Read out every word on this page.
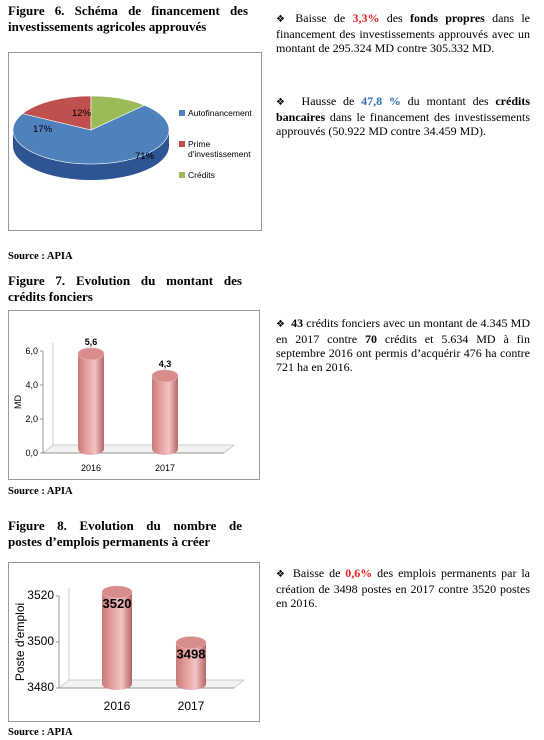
Figure 6. Schéma de financement des
investissements agricoles approuvés
71%
17%
12%	Autofinancement
Prime
d'investissement
Crédits
Source : APIA
❖ Baisse de 3,3% des fonds propres dans le financement des investissements approuvés avec un montant de 295.324 MD contre 305.332 MD.
❖ Hausse de 47,8 % du montant des crédits bancaires dans le financement des investissements approuvés (50.922 MD contre 34.459 MD).
Figure 7. Evolution du montant des
crédits fonciers
0,0
2,0
4,0
6,0
MD
5,6
2016
4,3
2017
Source : APIA
❖ 43 crédits fonciers avec un montant de 4.345 MD en 2017 contre 70 crédits et 5.634 MD à fin septembre 2016 ont permis d’acquérir 476 ha contre 721 ha en 2016.
Figure 8. Evolution du nombre de
postes d’emplois permanents à créer
3480
3500
3520
Poste d'emploi	3520
2016
3498
2017
Source : APIA
❖ Baisse de 0,6% des emplois permanents par la création de 3498 postes en 2017 contre 3520 postes en 2016.
